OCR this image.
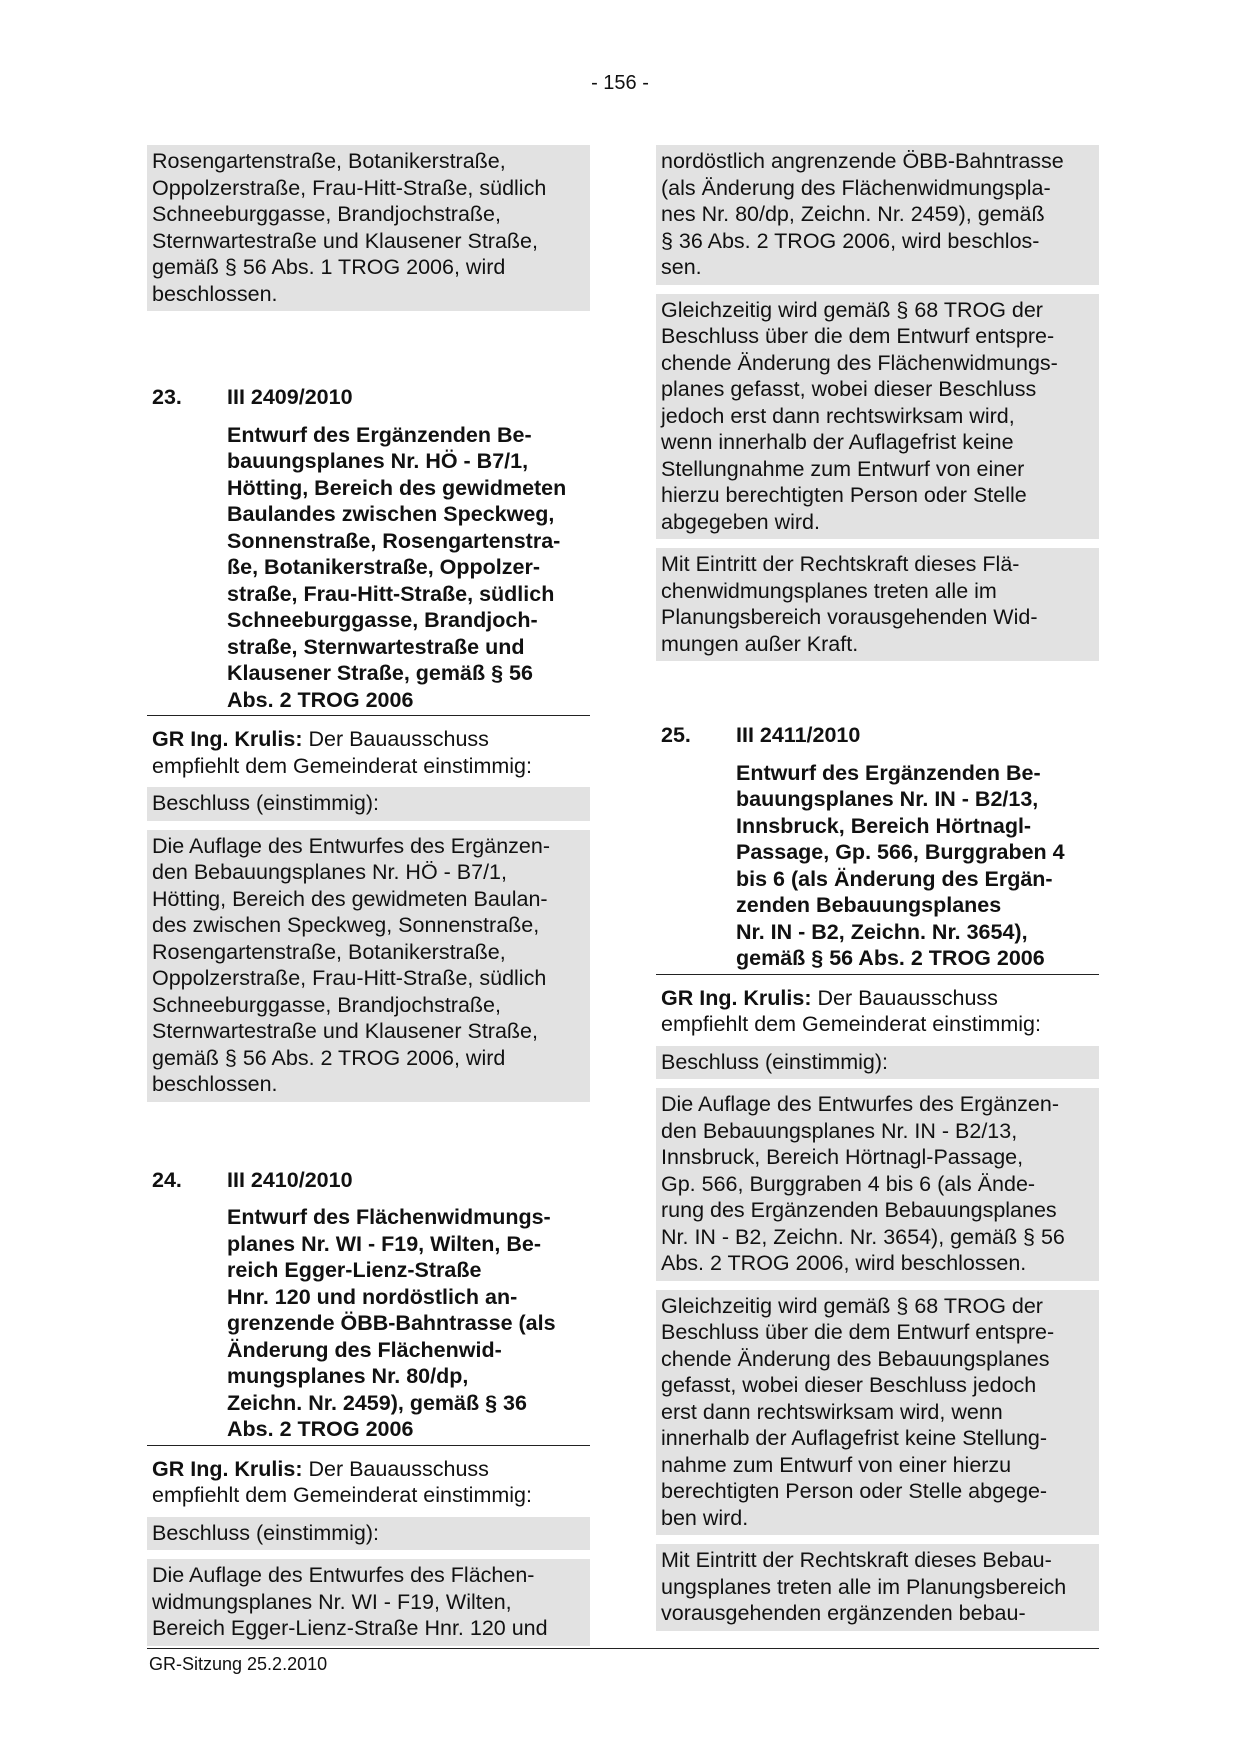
- 156 -
Rosengartenstraße, Botanikerstraße,
Oppolzerstraße, Frau-Hitt-Straße, südlich
Schneeburggasse, Brandjochstraße,
Sternwartestraße und Klausener Straße,
gemäß § 56 Abs. 1 TROG 2006, wird
beschlossen.
23.	III 2409/2010
Entwurf des Ergänzenden Be-
bauungsplanes Nr. HÖ - B7/1,
Hötting, Bereich des gewidmeten
Baulandes zwischen Speckweg,
Sonnenstraße, Rosengartenstra-
ße, Botanikerstraße, Oppolzer-
straße, Frau-Hitt-Straße, südlich
Schneeburggasse, Brandjoch-
straße, Sternwartestraße und
Klausener Straße, gemäß § 56
Abs. 2 TROG 2006
GR Ing. Krulis: Der Bauausschuss
empfiehlt dem Gemeinderat einstimmig:
Beschluss (einstimmig):
Die Auflage des Entwurfes des Ergänzen-
den Bebauungsplanes Nr. HÖ - B7/1,
Hötting, Bereich des gewidmeten Baulan-
des zwischen Speckweg, Sonnenstraße,
Rosengartenstraße, Botanikerstraße,
Oppolzerstraße, Frau-Hitt-Straße, südlich
Schneeburggasse, Brandjochstraße,
Sternwartestraße und Klausener Straße,
gemäß § 56 Abs. 2 TROG 2006, wird
beschlossen.
24.	III 2410/2010
Entwurf des Flächenwidmungs-
planes Nr. WI - F19, Wilten, Be-
reich Egger-Lienz-Straße
Hnr. 120 und nordöstlich an-
grenzende ÖBB-Bahntrasse (als
Änderung des Flächenwid-
mungsplanes Nr. 80/dp,
Zeichn. Nr. 2459), gemäß § 36
Abs. 2 TROG 2006
GR Ing. Krulis: Der Bauausschuss
empfiehlt dem Gemeinderat einstimmig:
Beschluss (einstimmig):
Die Auflage des Entwurfes des Flächen-
widmungsplanes Nr. WI - F19, Wilten,
Bereich Egger-Lienz-Straße Hnr. 120 und
nordöstlich angrenzende ÖBB-Bahntrasse
(als Änderung des Flächenwidmungspla-
nes Nr. 80/dp, Zeichn. Nr. 2459), gemäß
§ 36 Abs. 2 TROG 2006, wird beschlos-
sen.
Gleichzeitig wird gemäß § 68 TROG der
Beschluss über die dem Entwurf entspre-
chende Änderung des Flächenwidmungs-
planes gefasst, wobei dieser Beschluss
jedoch erst dann rechtswirksam wird,
wenn innerhalb der Auflagefrist keine
Stellungnahme zum Entwurf von einer
hierzu berechtigten Person oder Stelle
abgegeben wird.
Mit Eintritt der Rechtskraft dieses Flä-
chenwidmungsplanes treten alle im
Planungsbereich vorausgehenden Wid-
mungen außer Kraft.
25.	III 2411/2010
Entwurf des Ergänzenden Be-
bauungsplanes Nr. IN - B2/13,
Innsbruck, Bereich Hörtnagl-
Passage, Gp. 566, Burggraben 4
bis 6 (als Änderung des Ergän-
zenden Bebauungsplanes
Nr. IN - B2, Zeichn. Nr. 3654),
gemäß § 56 Abs. 2 TROG 2006
GR Ing. Krulis: Der Bauausschuss
empfiehlt dem Gemeinderat einstimmig:
Beschluss (einstimmig):
Die Auflage des Entwurfes des Ergänzen-
den Bebauungsplanes Nr. IN - B2/13,
Innsbruck, Bereich Hörtnagl-Passage,
Gp. 566, Burggraben 4 bis 6 (als Ände-
rung des Ergänzenden Bebauungsplanes
Nr. IN - B2, Zeichn. Nr. 3654), gemäß § 56
Abs. 2 TROG 2006, wird beschlossen.
Gleichzeitig wird gemäß § 68 TROG der
Beschluss über die dem Entwurf entspre-
chende Änderung des Bebauungsplanes
gefasst, wobei dieser Beschluss jedoch
erst dann rechtswirksam wird, wenn
innerhalb der Auflagefrist keine Stellung-
nahme zum Entwurf von einer hierzu
berechtigten Person oder Stelle abgege-
ben wird.
Mit Eintritt der Rechtskraft dieses Bebau-
ungsplanes treten alle im Planungsbereich
vorausgehenden ergänzenden bebau-
GR-Sitzung 25.2.2010
